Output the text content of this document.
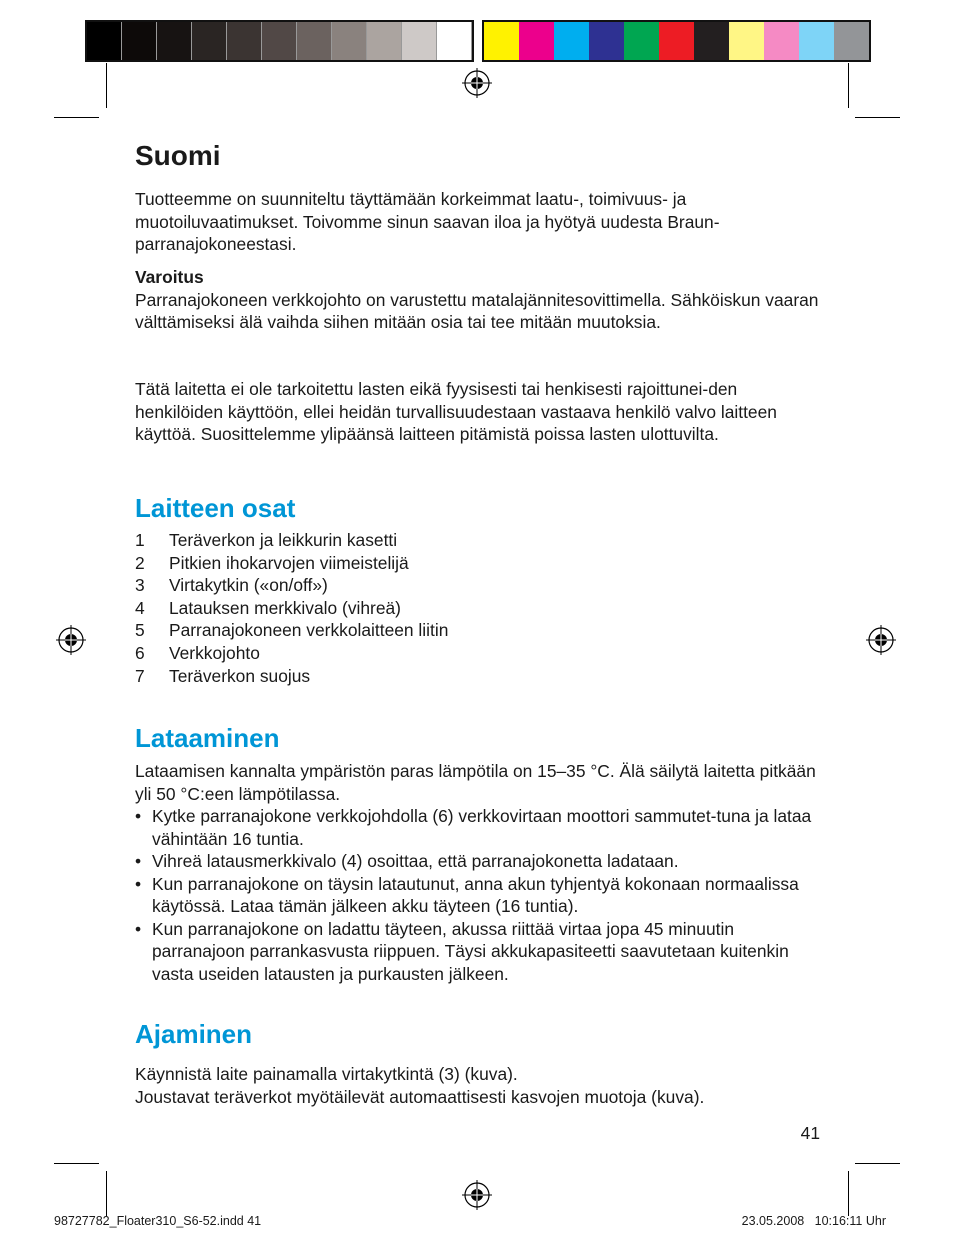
Suomi

Tuotteemme on suunniteltu täyttämään korkeimmat laatu-, toimivuus- ja muotoiluvaatimukset. Toivomme sinun saavan iloa ja hyötyä uudesta Braun-parranajokoneestasi.

Varoitus

Parranajokoneen verkkojohto on varustettu matalajännitesovittimella. Sähköiskun vaaran välttämiseksi älä vaihda siihen mitään osia tai tee mitään muutoksia.

Tätä laitetta ei ole tarkoitettu lasten eikä fyysisesti tai henkisesti rajoittunei-den henkilöiden käyttöön, ellei heidän turvallisuudestaan vastaava henkilö valvo laitteen käyttöä. Suosittelemme ylipäänsä laitteen pitämistä poissa lasten ulottuvilta.

Laitteen osat
1	Teräverkon ja leikkurin kasetti
2	Pitkien ihokarvojen viimeistelijä
3	Virtakytkin («on/off»)
4	Latauksen merkkivalo (vihreä)
5	Parranajokoneen verkkolaitteen liitin
6	Verkkojohto
7	Teräverkon suojus
Lataaminen

Lataamisen kannalta ympäristön paras lämpötila on 15–35 °C. Älä säilytä laitetta pitkään yli 50 °C:een lämpötilassa.

• Kytke parranajokone verkkojohdolla (6) verkkovirtaan moottori sammutet-tuna ja lataa vähintään 16 tuntia.
• Vihreä latausmerkkivalo (4) osoittaa, että parranajokonetta ladataan.
• Kun parranajokone on täysin latautunut, anna akun tyhjentyä kokonaan normaalissa käytössä. Lataa tämän jälkeen akku täyteen (16 tuntia).
• Kun parranajokone on ladattu täyteen, akussa riittää virtaa jopa 45 minuutin parranajoon parrankasvusta riippuen. Täysi akkukapasiteetti saavutetaan kuitenkin vasta useiden latausten ja purkausten jälkeen.
Ajaminen

Käynnistä laite painamalla virtakytkintä (3) (kuva).

Joustavat teräverkot myötäilevät automaattisesti kasvojen muotoja (kuva).

41
98727782_Floater310_S6-52.indd 41	23.05.2008   10:16:11 Uhr
